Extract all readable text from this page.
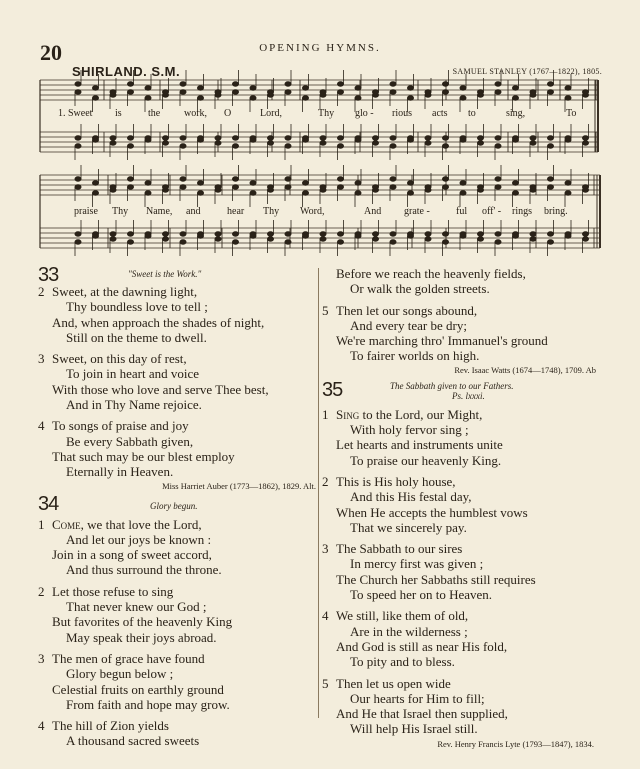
20	OPENING HYMNS.
SHIRLAND. S.M.	SAMUEL STANLEY (1767—1822), 1805.
1. Sweet is	the work, O	Lord,	Thy glo - rious acts to	sing,	To
praise Thy Name, and	hear Thy Word,	And grate -	ful off' - rings bring.
33	"Sweet is the Work."
2 Sweet, at the dawning light,
Thy boundless love to tell ;
And, when approach the shades of night,
Still on the theme to dwell.
3 Sweet, on this day of rest,
To join in heart and voice
With those who love and serve Thee best,
And in Thy Name rejoice.
4 To songs of praise and joy
Be every Sabbath given,
That such may be our blest employ
Eternally in Heaven.
Miss Harriet Auber (1773—1862), 1829. Alt.
34	Glory begun.
1 Come, we that love the Lord,
And let our joys be known :
Join in a song of sweet accord,
And thus surround the throne.
2 Let those refuse to sing
That never knew our God ;
But favorites of the heavenly King
May speak their joys abroad.
3 The men of grace have found
Glory begun below ;
Celestial fruits on earthly ground
From faith and hope may grow.
4 The hill of Zion yields
A thousand sacred sweets
Before we reach the heavenly fields,
Or walk the golden streets.
5 Then let our songs abound,
And every tear be dry;
We're marching thro' Immanuel's ground
To fairer worlds on high.
Rev. Isaac Watts (1674—1748), 1709. Ab
35	The Sabbath given to our Fathers.
Ps. lxxxi.
1 Sing to the Lord, our Might,
With holy fervor sing ;
Let hearts and instruments unite
To praise our heavenly King.
2 This is His holy house,
And this His festal day,
When He accepts the humblest vows
That we sincerely pay.
3 The Sabbath to our sires
In mercy first was given ;
The Church her Sabbaths still requires
To speed her on to Heaven.
4 We still, like them of old,
Are in the wilderness ;
And God is still as near His fold,
To pity and to bless.
5 Then let us open wide
Our hearts for Him to fill;
And He that Israel then supplied,
Will help His Israel still.
Rev. Henry Francis Lyte (1793—1847), 1834.
